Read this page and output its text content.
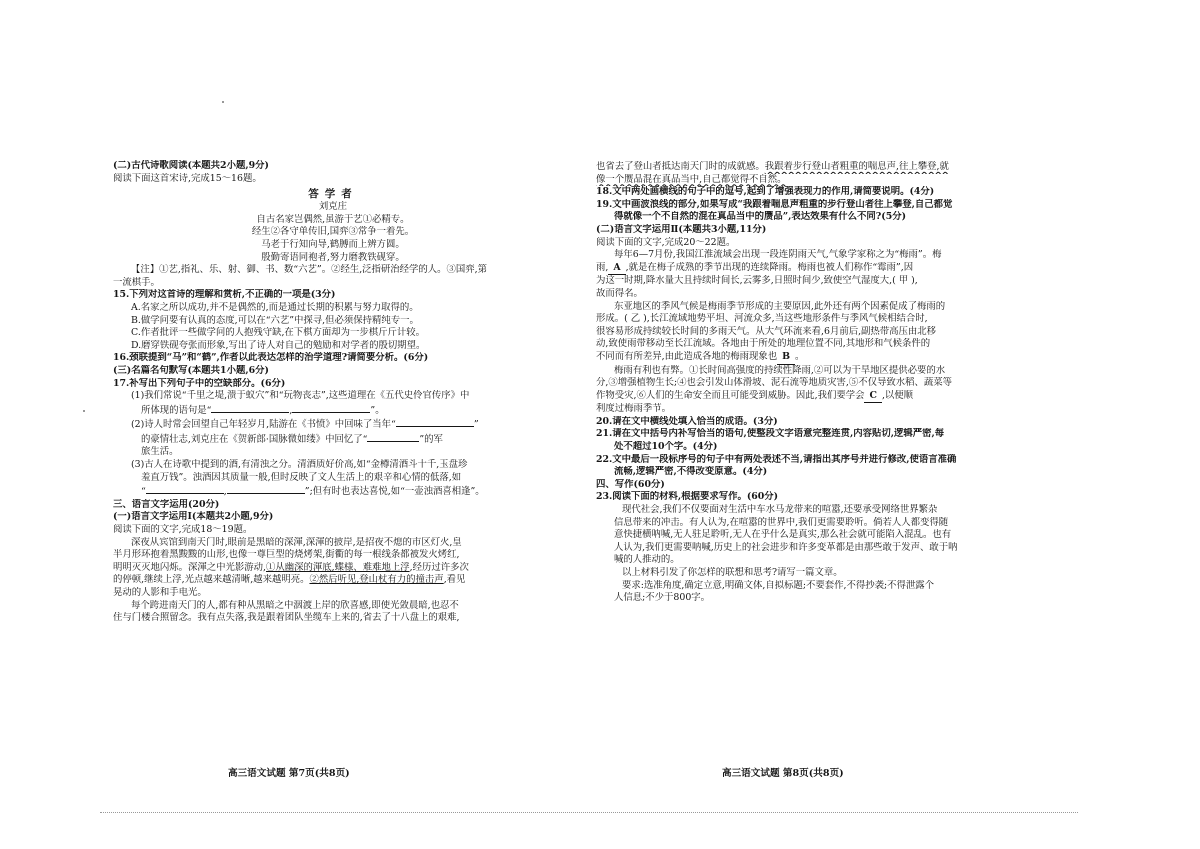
(二)古代诗歌阅读(本题共2小题,9分)
阅读下面这首宋诗,完成15～16题。
答学者
刘克庄
自古名家岂偶然,虽游于艺①必精专。
经生②各守单传旧,国弈③常争一着先。
马老于行知向导,鹤膊而上辨方圆。
殷勤寄语同袍者,努力磨教铁砚穿。
【注】①艺,指礼、乐、射、御、书、数“六艺”。②经生,泛指研治经学的人。③国弈,第
一流棋手。
15.下列对这首诗的理解和赏析,不正确的一项是(3分)
A.名家之所以成功,并不是偶然的,而是通过长期的积累与努力取得的。
B.做学问要有认真的态度,可以在“六艺”中探寻,但必须保持精纯专一。
C.作者批评一些做学问的人抱残守缺,在下棋方面却为一步棋斤斤计较。
D.磨穿铁砚夸张而形象,写出了诗人对自己的勉励和对学者的殷切期望。
16.颈联提到“马”和“鹤”,作者以此表达怎样的治学道理?请简要分析。(6分)
(三)名篇名句默写(本题共1小题,6分)
17.补写出下列句子中的空缺部分。(6分)
(1)我们常说“千里之堤,溃于蚁穴”和“玩物丧志”,这些道理在《五代史伶官传序》中
所体现的语句是“	,	”。
(2)诗人时常会回望自己年轻岁月,陆游在《书愤》中回味了当年“	”
的豪情壮志,刘克庄在《贺新郎·国脉微如缕》中回忆了“	”的军
旅生活。
(3)古人在诗歌中提到的酒,有清浊之分。清酒质好价高,如“金樽清酒斗十千,玉盘珍
羞直万钱”。浊酒因其质量一般,但时反映了文人生活上的艰辛和心情的低落,如
“	,	”;但有时也表达喜悦,如“一壶浊酒喜相逢”。
三、语言文字运用(20分)
(一)语言文字运用Ⅰ(本题共2小题,9分)
阅读下面的文字,完成18～19题。
深夜从宾馆到南天门时,眼前是黑暗的深渾,深渾的披岸,是招夜不熄的市区灯火,皇
半月形环抱着黑黢黢的山形,也像一尊巨型的烧烤架,街衢的每一根线条都被发火烤红,
明明灭灭地闪烁。深渾之中光影游动,①从幽深的渾底,蝶様、难难地上浮,经历过许多次
的停顿,继续上浮,光点越来越清晰,越来越明亮。②然后听见,登山杖有力的撞击声,看见
晃动的人影和手电光。
每个跨进南天门的人,都有种从黑暗之中洇渡上岸的欣喜感,即使光敛晨暗,也忍不
住与门楼合照留念。我有点失落,我是跟着团队坐缆车上来的,省去了十八盘上的艰难,
也省去了登山者抵达南天门时的成就感。我跟着步行登山者粗重的喘息声,往上攀登,就
像一个赝品混在真品当中,自己都觉得不自然。
18.文中两处画横线的句子中的逗号,起到了增强表现力的作用,请简要说明。(4分)
19.文中画波浪线的部分,如果写成“我跟着喘息声粗重的步行登山者往上攀登,自己都觉
得就像一个不自然的混在真品当中的赝品”,表达效果有什么不同?(5分)
(二)语言文字运用Ⅱ(本题共3小题,11分)
阅读下面的文字,完成20～22题。
每年6—7月份,我国江淮流域会出现一段连阴雨天气,气象学家称之为“梅雨”。梅
雨, A ,就是在梅子成熟的季节出现的连续降雨。梅雨也被人们称作“霉雨”,因
为这一时期,降水量大且持续时间长,云雾多,日照时间少,致使空气湿度大,( 甲 ),
故而得名。
东亚地区的季风气候是梅雨季节形成的主要原因,此外还有两个因素促成了梅雨的
形成。( 乙 ),长江流域地势平坦、河流众多,当这些地形条件与季风气候相结合时,
很容易形成持续较长时间的多雨天气。从大气环流来看,6月前后,副热带高压由北移
动,致使雨带移动至长江流域。各地由于所处的地理位置不同,其地形和气候条件的
不同而有所差异,由此造成各地的梅雨现象也 B 。
梅雨有利也有弊。①长时间高强度的持续性降雨,②可以为干旱地区提供必要的水
分,③增强植物生长;④也会引发山体滑坡、泥石流等地质灾害,⑤不仅导致水稻、蔬菜等
作物受灾,⑥人们的生命安全而且可能受到威胁。因此,我们要学会 C ,以便顺
利度过梅雨季节。
20.请在文中横线处填入恰当的成语。(3分)
21.请在文中括号内补写恰当的语句,使整段文字语意完整连贯,内容贴切,逻辑严密,每
处不超过10个字。(4分)
22.文中最后一段标序号的句子中有两处表述不当,请指出其序号并进行修改,使语言准确
流畅,逻辑严密,不得改变原意。(4分)
四、写作(60分)
23.阅读下面的材料,根据要求写作。(60分)
现代社会,我们不仅要面对生活中车水马龙带来的喧嚣,还要承受网络世界繁杂
信息带来的冲击。有人认为,在喧嚣的世界中,我们更需要聆听。倘若人人都变得随
意快捷横呐喊,无人驻足聆听,无人在乎什么是真实,那么社会就可能陷入混乱。也有
人认为,我们更需要呐喊,历史上的社会进步和许多变革都是由那些敢于发声、敢于呐
喊的人推动的。
以上材料引发了你怎样的联想和思考?请写一篇文章。
要求:选准角度,确定立意,明确文体,自拟标题;不要套作,不得抄袭;不得泄露个
人信息;不少于800字。
高三语文试题 第7页(共8页)	高三语文试题 第8页(共8页)
